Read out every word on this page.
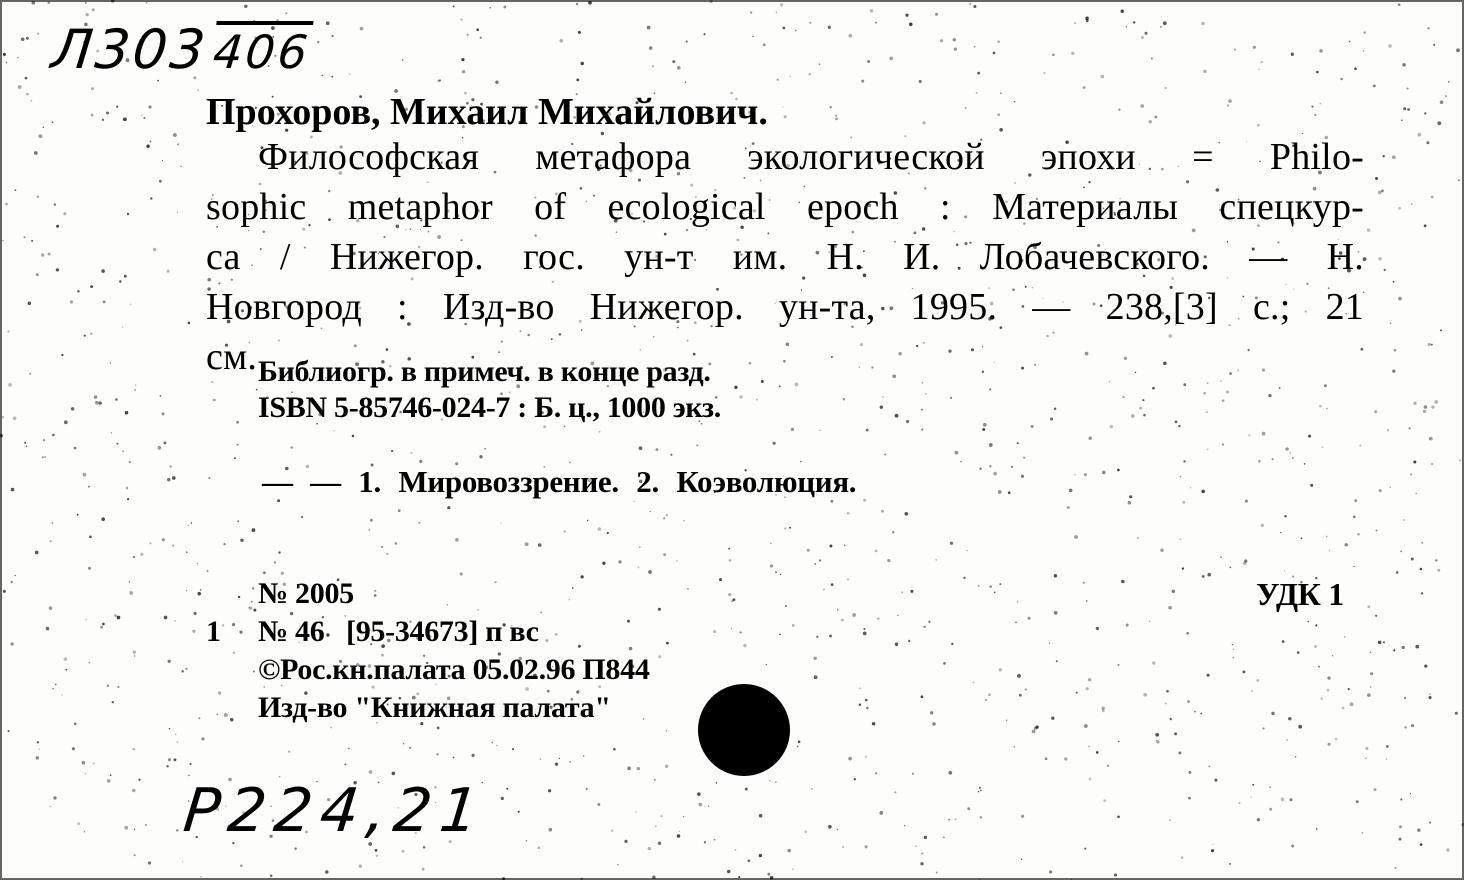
Л303406
Прохоров, Михаил Михайлович.
Философская метафора экологической эпохи = Philo-
sophic metaphor of ecological epoch : Материалы спецкур-
са / Нижегор. гос. ун-т им. Н. И. Лобачевского. — Н.
Новгород : Изд-во Нижегор. ун-та, 1995. — 238,[3] с.; 21
см. Библиогр. в примеч. в конце разд.
ISBN 5-85746-024-7 : Б. ц., 1000 экз.
— — 1. Мировоззрение. 2. Коэволюция.
№ 2005
1 № 46   [95-34673] п вс
©Рос.кн.палата 05.02.96 П844
Изд-во "Книжная палата"
УДК 1
Р224,21
